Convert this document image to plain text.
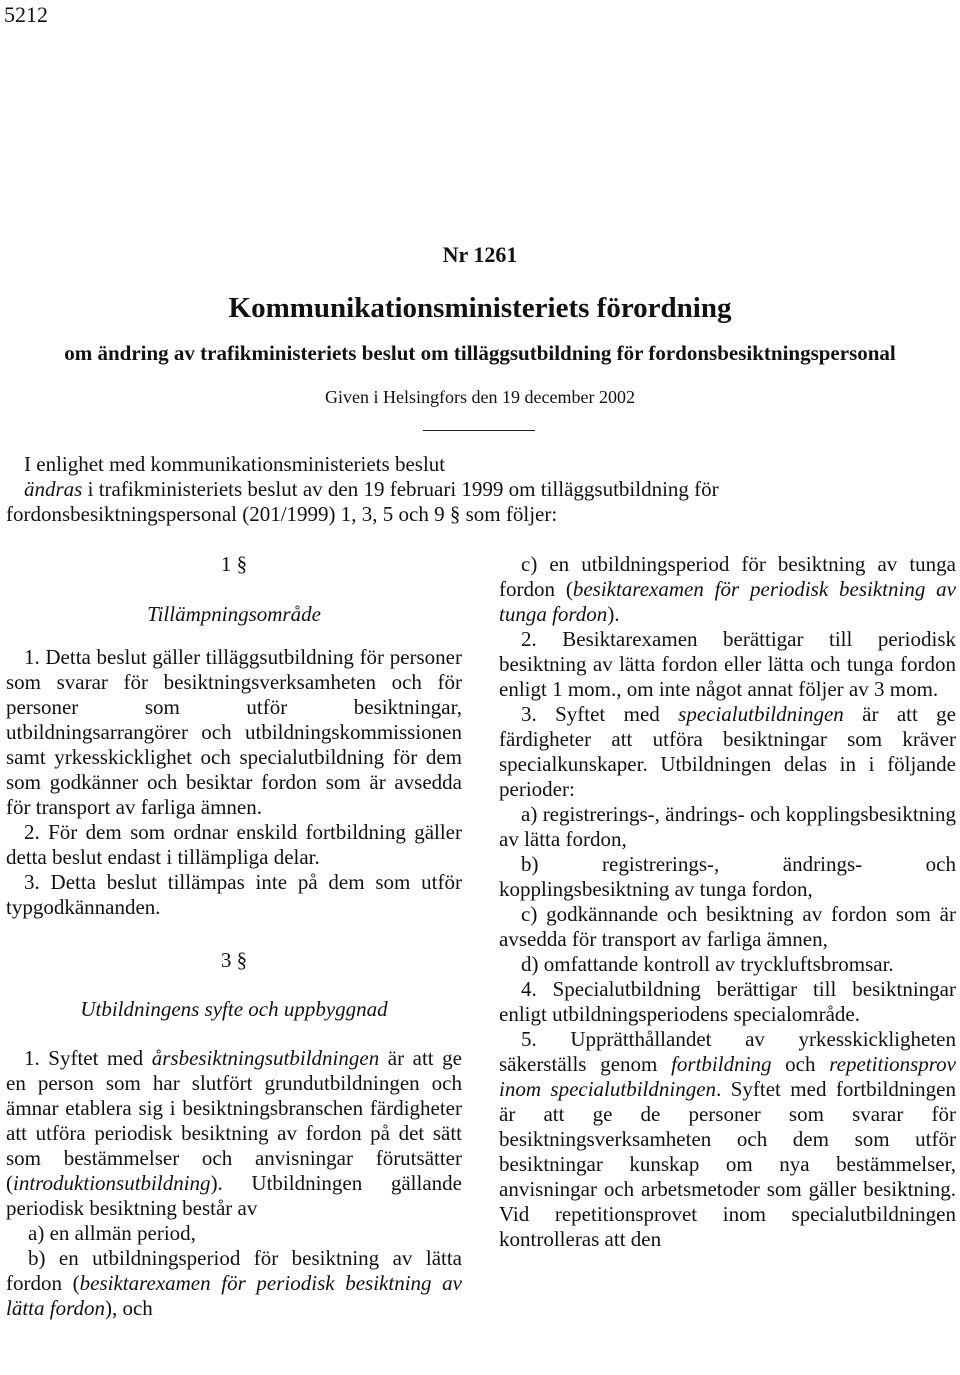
5212
Nr 1261
Kommunikationsministeriets förordning
om ändring av trafikministeriets beslut om tilläggsutbildning för fordonsbesiktningspersonal
Given i Helsingfors den 19 december 2002
I enlighet med kommunikationsministeriets beslut
ändras i trafikministeriets beslut av den 19 februari 1999 om tilläggsutbildning för
fordonsbesiktningspersonal (201/1999) 1, 3, 5 och 9 § som följer:

1 §

Tillämpningsområde

1. Detta beslut gäller tilläggsutbildning för personer som svarar för besiktningsverksamheten och för personer som utför besiktningar, utbildningsarrangörer och utbildningskommissionen samt yrkesskicklighet och specialutbildning för dem som godkänner och besiktar fordon som är avsedda för transport av farliga ämnen.

2. För dem som ordnar enskild fortbildning gäller detta beslut endast i tillämpliga delar.

3. Detta beslut tillämpas inte på dem som utför typgodkännanden.

3 §

Utbildningens syfte och uppbyggnad

1. Syftet med årsbesiktningsutbildningen är att ge en person som har slutfört grundutbildningen och ämnar etablera sig i besiktningsbranschen färdigheter att utföra periodisk besiktning av fordon på det sätt som bestämmelser och anvisningar förutsätter (introduktionsutbildning). Utbildningen gällande periodisk besiktning består av

a) en allmän period,

b) en utbildningsperiod för besiktning av lätta fordon (besiktarexamen för periodisk besiktning av lätta fordon), och

c) en utbildningsperiod för besiktning av tunga fordon (besiktarexamen för periodisk besiktning av tunga fordon).

2. Besiktarexamen berättigar till periodisk besiktning av lätta fordon eller lätta och tunga fordon enligt 1 mom., om inte något annat följer av 3 mom.

3. Syftet med specialutbildningen är att ge färdigheter att utföra besiktningar som kräver specialkunskaper. Utbildningen delas in i följande perioder:

a) registrerings-, ändrings- och kopplingsbesiktning av lätta fordon,

b) registrerings-, ändrings- och kopplingsbesiktning av tunga fordon,

c) godkännande och besiktning av fordon som är avsedda för transport av farliga ämnen,

d) omfattande kontroll av tryckluftsbromsar.

4. Specialutbildning berättigar till besiktningar enligt utbildningsperiodens specialområde.

5. Upprätthållandet av yrkesskickligheten säkerställs genom fortbildning och repetitionsprov inom specialutbildningen. Syftet med fortbildningen är att ge de personer som svarar för besiktningsverksamheten och dem som utför besiktningar kunskap om nya bestämmelser, anvisningar och arbetsmetoder som gäller besiktning. Vid repetitionsprovet inom specialutbildningen kontrolleras att den
